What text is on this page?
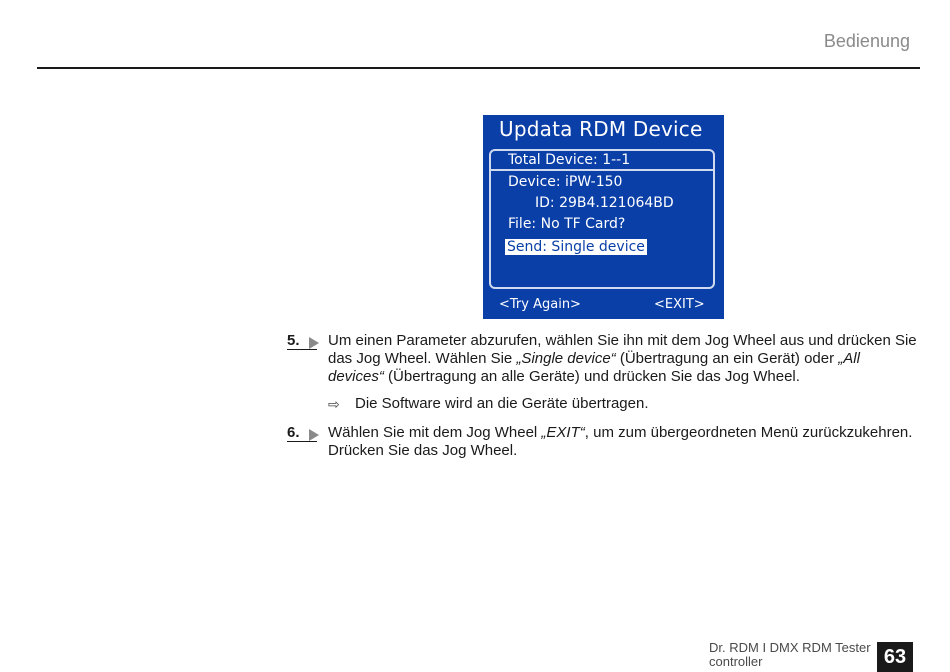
Bedienung
Updata RDM Device
Total Device: 1--1
Device: iPW-150
ID: 29B4.121064BD
File: No TF Card?
Send: Single device
<Try Again>	<EXIT>
5. Um einen Parameter abzurufen, wählen Sie ihn mit dem Jog Wheel aus und drücken Sie das Jog Wheel. Wählen Sie „Single device“ (Übertragung an ein Gerät) oder „All devices“ (Übertragung an alle Geräte) und drücken Sie das Jog Wheel.
⇨ Die Software wird an die Geräte übertragen.
6. Wählen Sie mit dem Jog Wheel „EXIT“, um zum übergeordneten Menü zurückzukehren. Drücken Sie das Jog Wheel.
Dr. RDM I DMX RDM Tester controller	63
